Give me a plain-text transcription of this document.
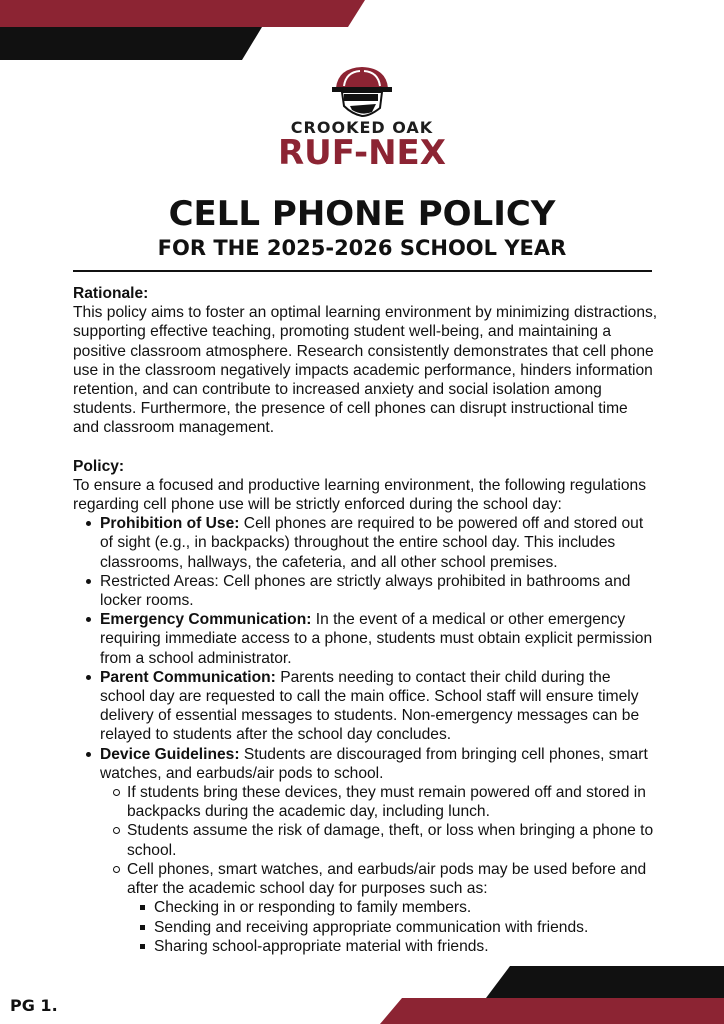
CROOKED OAK
RUF-NEX
CELL PHONE POLICY
FOR THE 2025-2026 SCHOOL YEAR

Rationale:

This policy aims to foster an optimal learning environment by minimizing distractions, supporting effective teaching, promoting student well-being, and maintaining a positive classroom atmosphere. Research consistently demonstrates that cell phone use in the classroom negatively impacts academic performance, hinders information retention, and can contribute to increased anxiety and social isolation among students. Furthermore, the presence of cell phones can disrupt instructional time and classroom management.

Policy:

To ensure a focused and productive learning environment, the following regulations regarding cell phone use will be strictly enforced during the school day:

Prohibition of Use: Cell phones are required to be powered off and stored out of sight (e.g., in backpacks) throughout the entire school day. This includes classrooms, hallways, the cafeteria, and all other school premises.
Restricted Areas: Cell phones are strictly always prohibited in bathrooms and locker rooms.
Emergency Communication: In the event of a medical or other emergency requiring immediate access to a phone, students must obtain explicit permission from a school administrator.
Parent Communication: Parents needing to contact their child during the school day are requested to call the main office. School staff will ensure timely delivery of essential messages to students. Non-emergency messages can be relayed to students after the school day concludes.
Device Guidelines: Students are discouraged from bringing cell phones, smart watches, and earbuds/air pods to school.
If students bring these devices, they must remain powered off and stored in backpacks during the academic day, including lunch.
Students assume the risk of damage, theft, or loss when bringing a phone to school.
Cell phones, smart watches, and earbuds/air pods may be used before and after the academic school day for purposes such as:
Checking in or responding to family members.
Sending and receiving appropriate communication with friends.
Sharing school-appropriate material with friends.
PG 1.
